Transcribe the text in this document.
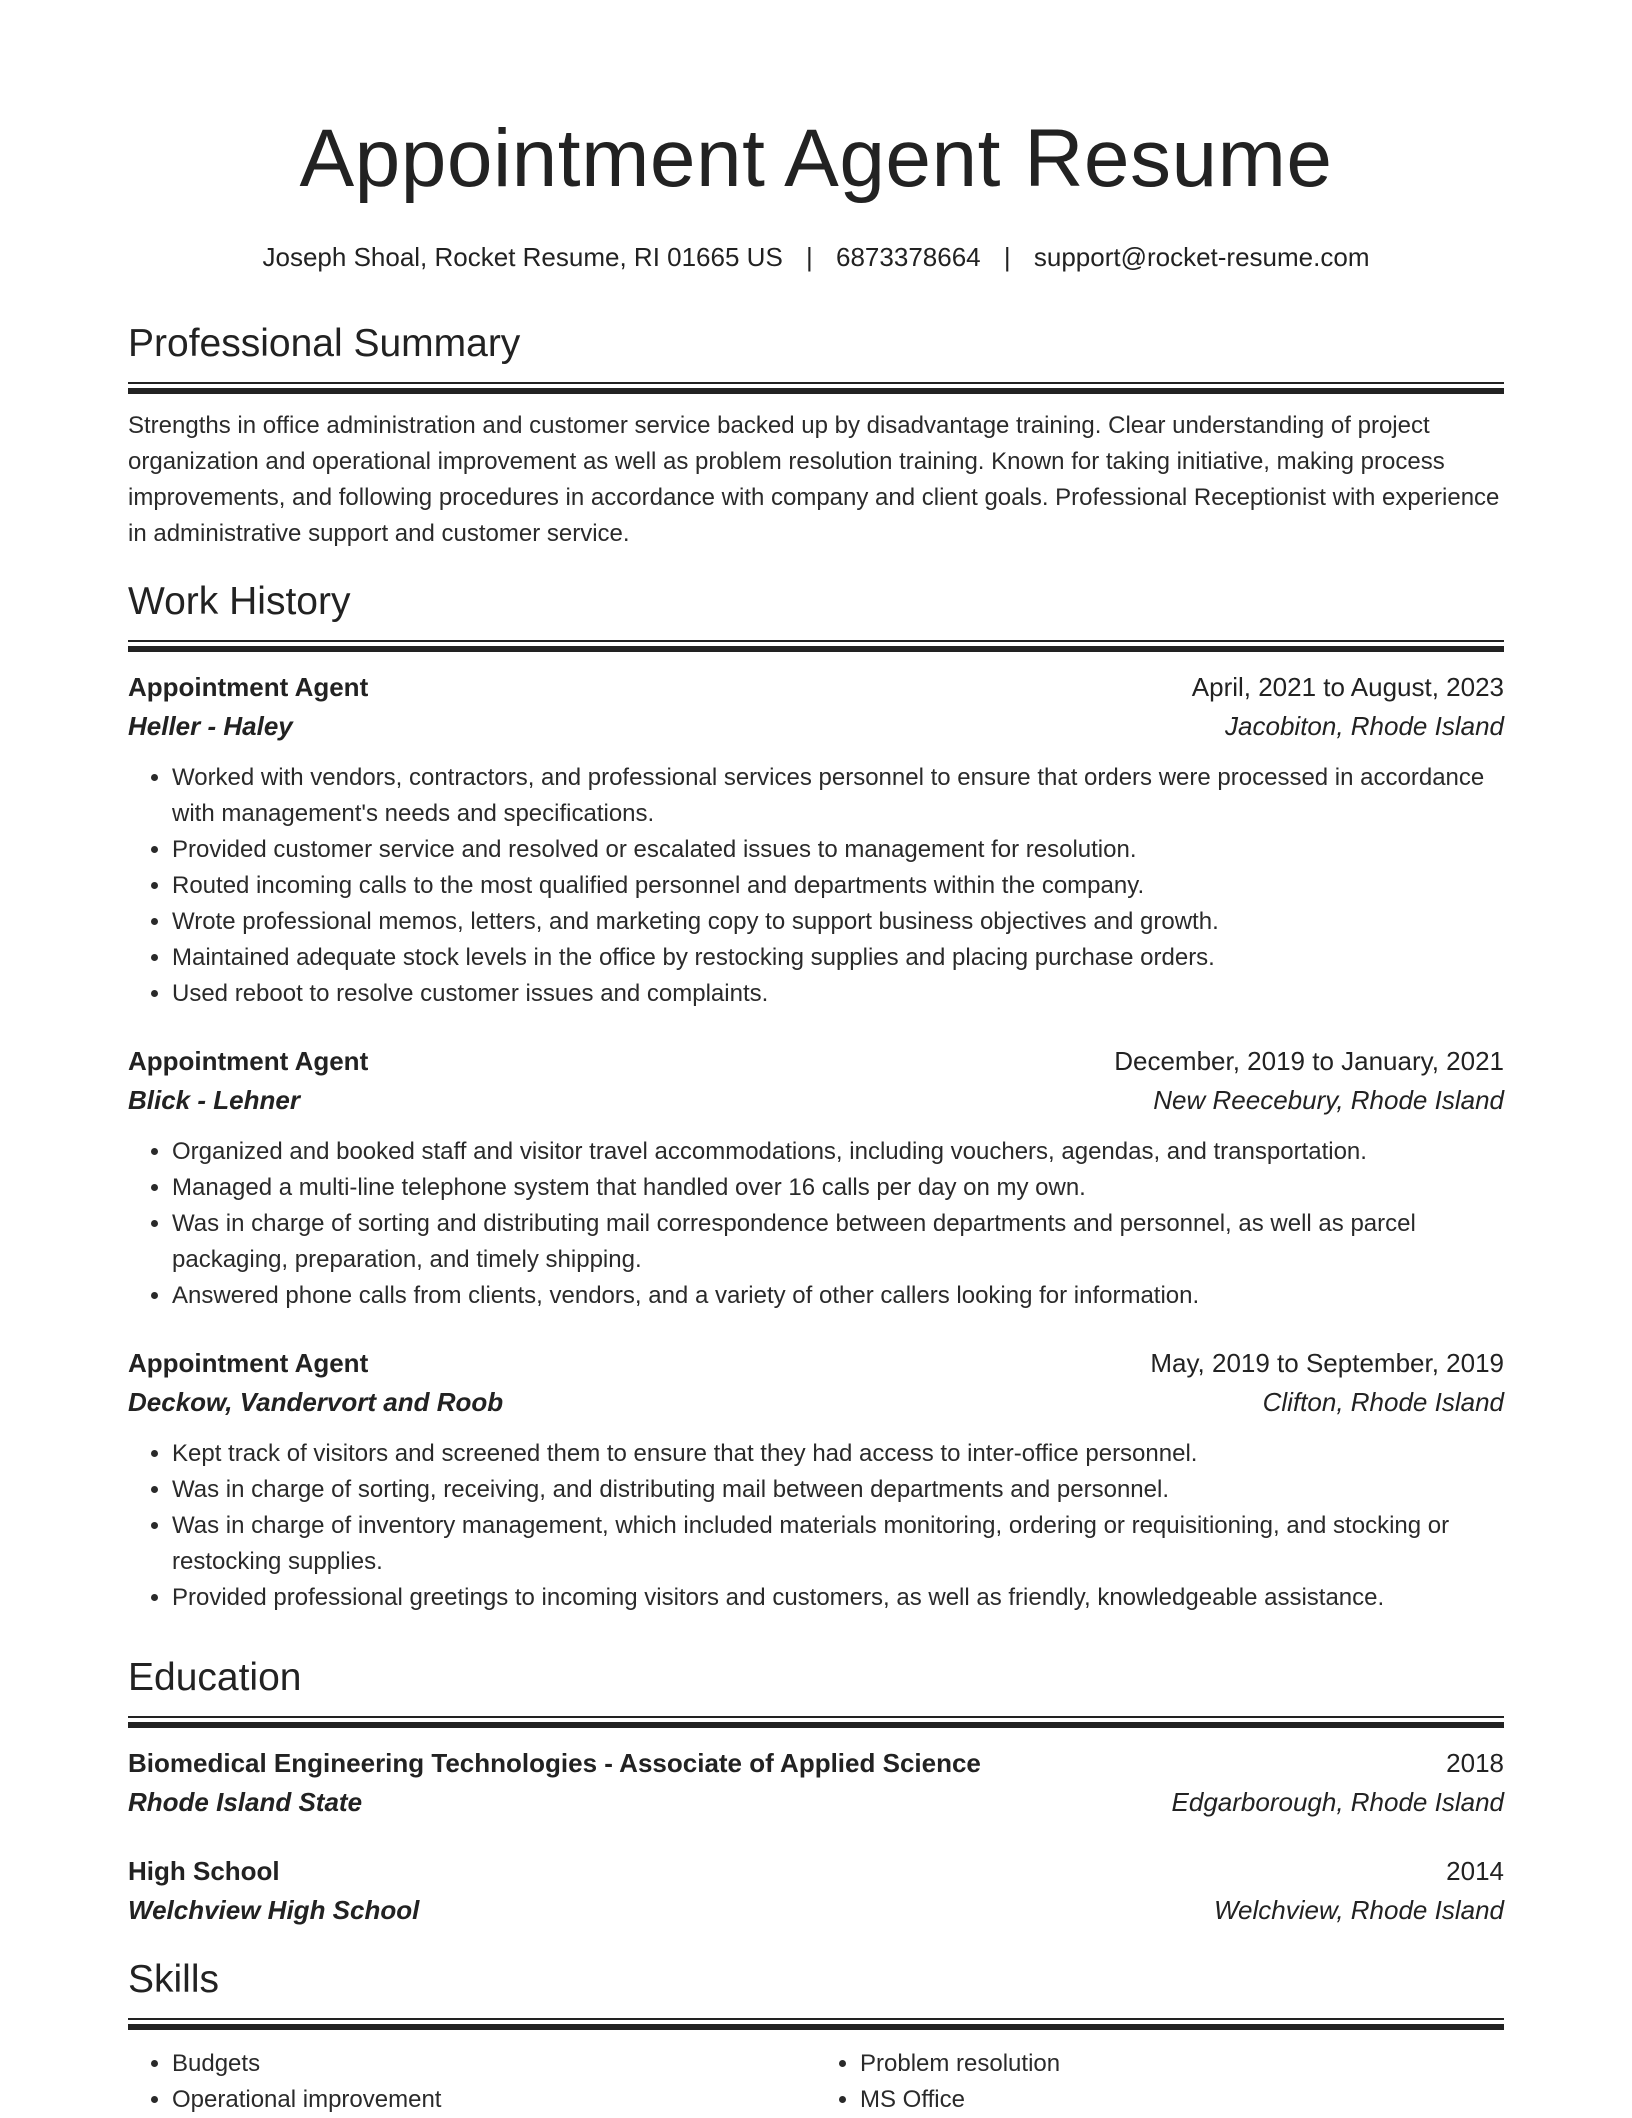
Appointment Agent Resume
Joseph Shoal, Rocket Resume, RI 01665 US | 6873378664 | support@rocket-resume.com
Professional Summary

Strengths in office administration and customer service backed up by disadvantage training. Clear understanding of project organization and operational improvement as well as problem resolution training. Known for taking initiative, making process improvements, and following procedures in accordance with company and client goals. Professional Receptionist with experience in administrative support and customer service.

Work History
Appointment Agent	April, 2021 to August, 2023
Heller - Haley	Jacobiton, Rhode Island
• Worked with vendors, contractors, and professional services personnel to ensure that orders were processed in accordance with management's needs and specifications.
• Provided customer service and resolved or escalated issues to management for resolution.
• Routed incoming calls to the most qualified personnel and departments within the company.
• Wrote professional memos, letters, and marketing copy to support business objectives and growth.
• Maintained adequate stock levels in the office by restocking supplies and placing purchase orders.
• Used reboot to resolve customer issues and complaints.
Appointment Agent	December, 2019 to January, 2021
Blick - Lehner	New Reecebury, Rhode Island
• Organized and booked staff and visitor travel accommodations, including vouchers, agendas, and transportation.
• Managed a multi-line telephone system that handled over 16 calls per day on my own.
• Was in charge of sorting and distributing mail correspondence between departments and personnel, as well as parcel packaging, preparation, and timely shipping.
• Answered phone calls from clients, vendors, and a variety of other callers looking for information.
Appointment Agent	May, 2019 to September, 2019
Deckow, Vandervort and Roob	Clifton, Rhode Island
• Kept track of visitors and screened them to ensure that they had access to inter-office personnel.
• Was in charge of sorting, receiving, and distributing mail between departments and personnel.
• Was in charge of inventory management, which included materials monitoring, ordering or requisitioning, and stocking or restocking supplies.
• Provided professional greetings to incoming visitors and customers, as well as friendly, knowledgeable assistance.
Education
Biomedical Engineering Technologies - Associate of Applied Science	2018
Rhode Island State	Edgarborough, Rhode Island
High School	2014
Welchview High School	Welchview, Rhode Island
Skills
• Budgets
• Operational improvement
• Problem resolution
• MS Office
